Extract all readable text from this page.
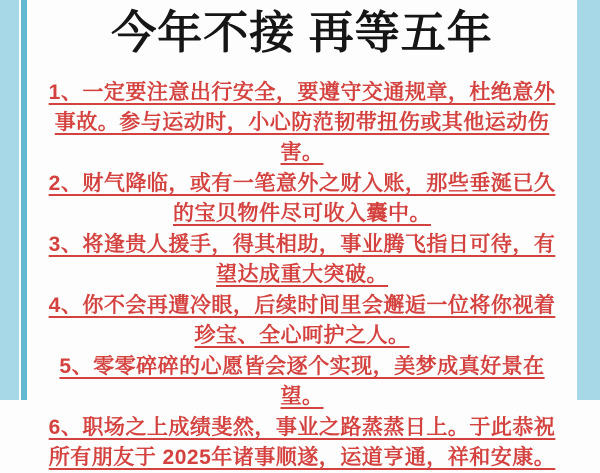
今年不接 再等五年

1、一定要注意出行安全，要遵守交通规章，杜绝意外事故。参与运动时，小心防范韧带扭伤或其他运动伤害。

2、财气降临，或有一笔意外之财入账，那些垂涎已久的宝贝物件尽可收入囊中。

3、将逢贵人援手，得其相助，事业腾飞指日可待，有望达成重大突破。

4、你不会再遭冷眼，后续时间里会邂逅一位将你视着珍宝、全心呵护之人。

5、零零碎碎的心愿皆会逐个实现，美梦成真好景在望。

6、职场之上成绩斐然，事业之路蒸蒸日上。于此恭祝所有朋友于 2025年诸事顺遂，运道亨通，祥和安康。
